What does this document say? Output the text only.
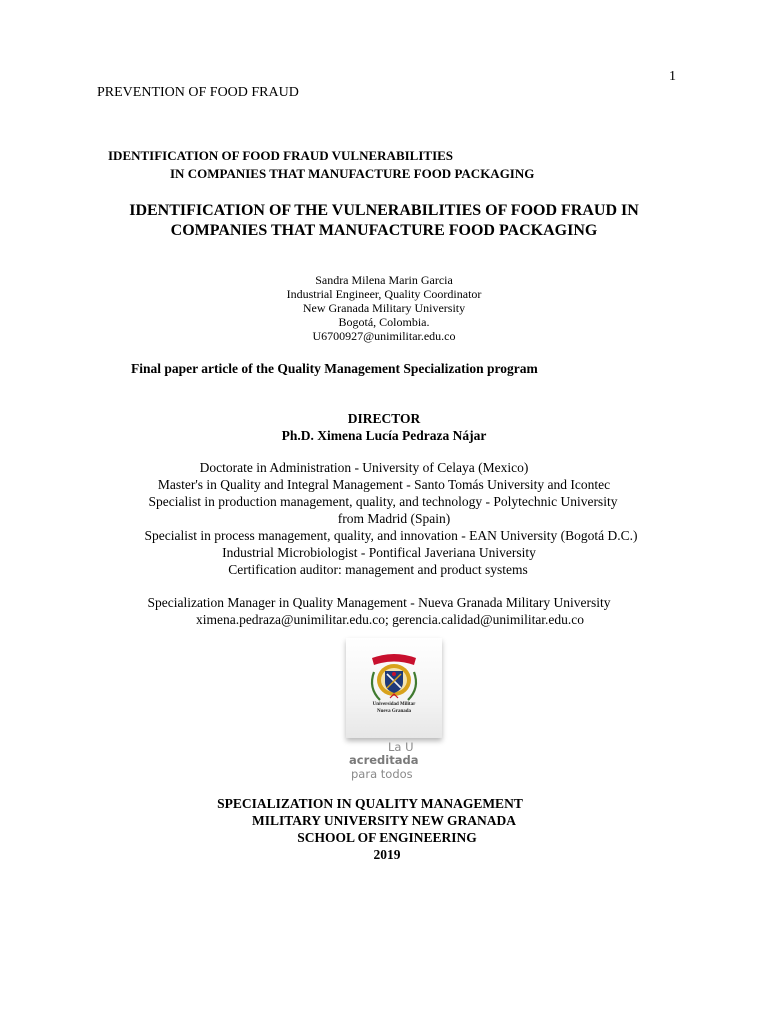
1
PREVENTION OF FOOD FRAUD
IDENTIFICATION OF FOOD FRAUD VULNERABILITIES
IN COMPANIES THAT MANUFACTURE FOOD PACKAGING
IDENTIFICATION OF THE VULNERABILITIES OF FOOD FRAUD IN
COMPANIES THAT MANUFACTURE FOOD PACKAGING
Sandra Milena Marin Garcia
Industrial Engineer, Quality Coordinator
New Granada Military University
Bogotá, Colombia.
U6700927@unimilitar.edu.co
Final paper article of the Quality Management Specialization program
DIRECTOR
Ph.D. Ximena Lucía Pedraza Nájar
Doctorate in Administration - University of Celaya (Mexico)
Master's in Quality and Integral Management - Santo Tomás University and Icontec
Specialist in production management, quality, and technology - Polytechnic University
from Madrid (Spain)
Specialist in process management, quality, and innovation - EAN University (Bogotá D.C.)
Industrial Microbiologist - Pontifical Javeriana University
Certification auditor: management and product systems
Specialization Manager in Quality Management - Nueva Granada Military University
ximena.pedraza@unimilitar.edu.co; gerencia.calidad@unimilitar.edu.co
Universidad Militar
Nueva Granada
La U
acreditada
para todos
SPECIALIZATION IN QUALITY MANAGEMENT
MILITARY UNIVERSITY NEW GRANADA
SCHOOL OF ENGINEERING
2019
